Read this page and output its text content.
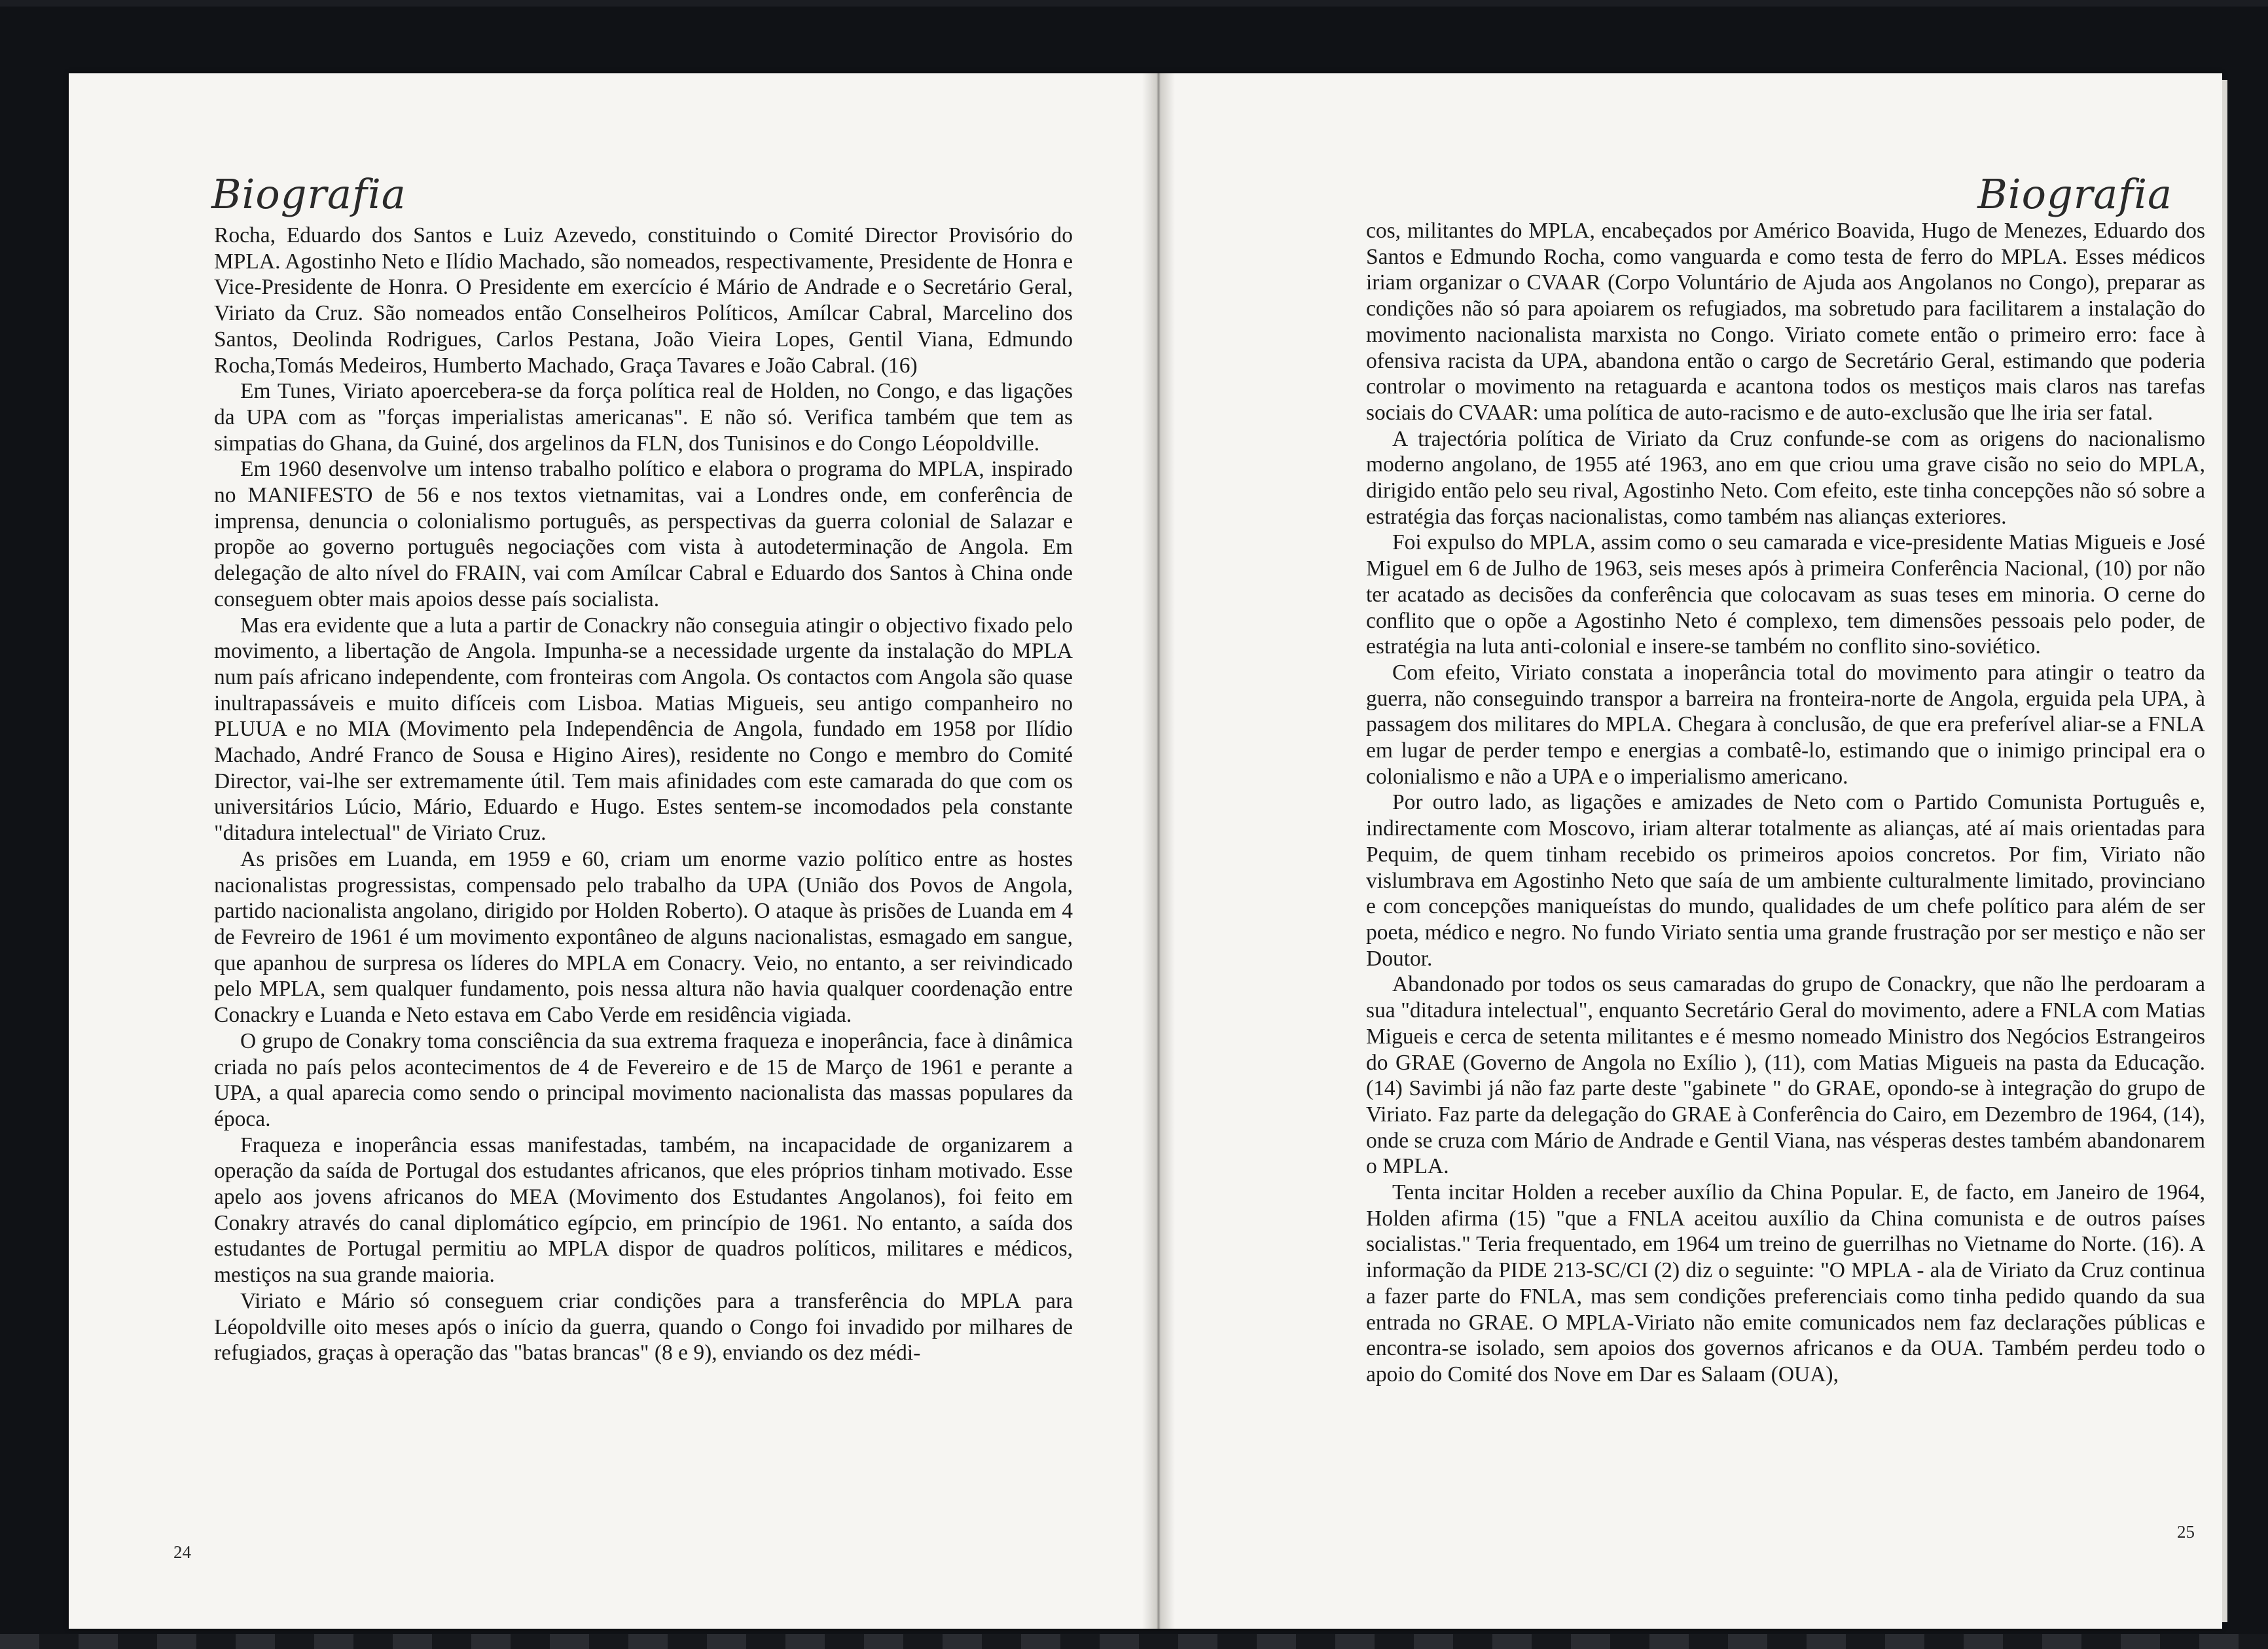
Biografia

Rocha, Eduardo dos Santos e Luiz Azevedo, constituindo o Comité Director Provisório do MPLA. Agostinho Neto e Ilídio Machado, são nomeados, respectivamente, Presidente de Honra e Vice-Presidente de Honra. O Presidente em exercício é Mário de Andrade e o Secretário Geral, Viriato da Cruz. São nomeados então Conselheiros Políticos, Amílcar Cabral, Marcelino dos Santos, Deolinda Rodrigues, Carlos Pestana, João Vieira Lopes, Gentil Viana, Edmundo Rocha,Tomás Medeiros, Humberto Machado, Graça Tavares e João Cabral. (16)

Em Tunes, Viriato apoercebera-se da força política real de Holden, no Congo, e das ligações da UPA com as "forças imperialistas americanas". E não só. Verifica também que tem as simpatias do Ghana, da Guiné, dos argelinos da FLN, dos Tunisinos e do Congo Léopoldville.

Em 1960 desenvolve um intenso trabalho político e elabora o programa do MPLA, inspirado no MANIFESTO de 56 e nos textos vietnamitas, vai a Londres onde, em conferência de imprensa, denuncia o colonialismo português, as perspectivas da guerra colonial de Salazar e propõe ao governo português negociações com vista à autodeterminação de Angola. Em delegação de alto nível do FRAIN, vai com Amílcar Cabral e Eduardo dos Santos à China onde conseguem obter mais apoios desse país socialista.

Mas era evidente que a luta a partir de Conackry não conseguia atingir o objectivo fixado pelo movimento, a libertação de Angola. Impunha-se a necessidade urgente da instalação do MPLA num país africano independente, com fronteiras com Angola. Os contactos com Angola são quase inultrapassáveis e muito difíceis com Lisboa. Matias Migueis, seu antigo companheiro no PLUUA e no MIA (Movimento pela Independência de Angola, fundado em 1958 por Ilídio Machado, André Franco de Sousa e Higino Aires), residente no Congo e membro do Comité Director, vai-lhe ser extremamente útil. Tem mais afinidades com este camarada do que com os universitários Lúcio, Mário, Eduardo e Hugo. Estes sentem-se incomodados pela constante "ditadura intelectual" de Viriato Cruz.

As prisões em Luanda, em 1959 e 60, criam um enorme vazio político entre as hostes nacionalistas progressistas, compensado pelo trabalho da UPA (União dos Povos de Angola, partido nacionalista angolano, dirigido por Holden Roberto). O ataque às prisões de Luanda em 4 de Fevreiro de 1961 é um movimento expontâneo de alguns nacionalistas, esmagado em sangue, que apanhou de surpresa os líderes do MPLA em Conacry. Veio, no entanto, a ser reivindicado pelo MPLA, sem qualquer fundamento, pois nessa altura não havia qualquer coordenação entre Conackry e Luanda e Neto estava em Cabo Verde em residência vigiada.

O grupo de Conakry toma consciência da sua extrema fraqueza e inoperância, face à dinâmica criada no país pelos acontecimentos de 4 de Fevereiro e de 15 de Março de 1961 e perante a UPA, a qual aparecia como sendo o principal movimento nacionalista das massas populares da época.

Fraqueza e inoperância essas manifestadas, também, na incapacidade de organizarem a operação da saída de Portugal dos estudantes africanos, que eles próprios tinham motivado. Esse apelo aos jovens africanos do MEA (Movimento dos Estudantes Angolanos), foi feito em Conakry através do canal diplomático egípcio, em princípio de 1961. No entanto, a saída dos estudantes de Portugal permitiu ao MPLA dispor de quadros políticos, militares e médicos, mestiços na sua grande maioria.

Viriato e Mário só conseguem criar condições para a transferência do MPLA para Léopoldville oito meses após o início da guerra, quando o Congo foi invadido por milhares de refugiados, graças à operação das "batas brancas" (8 e 9), enviando os dez médi-

24
Biografia

cos, militantes do MPLA, encabeçados por Américo Boavida, Hugo de Menezes, Eduardo dos Santos e Edmundo Rocha, como vanguarda e como testa de ferro do MPLA. Esses médicos iriam organizar o CVAAR (Corpo Voluntário de Ajuda aos Angolanos no Congo), preparar as condições não só para apoiarem os refugiados, ma sobretudo para facilitarem a instalação do movimento nacionalista marxista no Congo. Viriato comete então o primeiro erro: face à ofensiva racista da UPA, abandona então o cargo de Secretário Geral, estimando que poderia controlar o movimento na retaguarda e acantona todos os mestiços mais claros nas tarefas sociais do CVAAR: uma política de auto-racismo e de auto-exclusão que lhe iria ser fatal.

A trajectória política de Viriato da Cruz confunde-se com as origens do nacionalismo moderno angolano, de 1955 até 1963, ano em que criou uma grave cisão no seio do MPLA, dirigido então pelo seu rival, Agostinho Neto. Com efeito, este tinha concepções não só sobre a estratégia das forças nacionalistas, como também nas alianças exteriores.

Foi expulso do MPLA, assim como o seu camarada e vice-presidente Matias Migueis e José Miguel em 6 de Julho de 1963, seis meses após à primeira Conferência Nacional, (10) por não ter acatado as decisões da conferência que colocavam as suas teses em minoria. O cerne do conflito que o opõe a Agostinho Neto é complexo, tem dimensões pessoais pelo poder, de estratégia na luta anti-colonial e insere-se também no conflito sino-soviético.

Com efeito, Viriato constata a inoperância total do movimento para atingir o teatro da guerra, não conseguindo transpor a barreira na fronteira-norte de Angola, erguida pela UPA, à passagem dos militares do MPLA. Chegara à conclusão, de que era preferível aliar-se a FNLA em lugar de perder tempo e energias a combatê-lo, estimando que o inimigo principal era o colonialismo e não a UPA e o imperialismo americano.

Por outro lado, as ligações e amizades de Neto com o Partido Comunista Português e, indirectamente com Moscovo, iriam alterar totalmente as alianças, até aí mais orientadas para Pequim, de quem tinham recebido os primeiros apoios concretos. Por fim, Viriato não vislumbrava em Agostinho Neto que saía de um ambiente culturalmente limitado, provinciano e com concepções maniqueístas do mundo, qualidades de um chefe político para além de ser poeta, médico e negro. No fundo Viriato sentia uma grande frustração por ser mestiço e não ser Doutor.

Abandonado por todos os seus camaradas do grupo de Conackry, que não lhe perdoaram a sua "ditadura intelectual", enquanto Secretário Geral do movimento, adere a FNLA com Matias Migueis e cerca de setenta militantes e é mesmo nomeado Ministro dos Negócios Estrangeiros do GRAE (Governo de Angola no Exílio ), (11), com Matias Migueis na pasta da Educação.(14) Savimbi já não faz parte deste "gabinete " do GRAE, opondo-se à integração do grupo de Viriato. Faz parte da delegação do GRAE à Conferência do Cairo, em Dezembro de 1964, (14), onde se cruza com Mário de Andrade e Gentil Viana, nas vésperas destes também abandonarem o MPLA.

Tenta incitar Holden a receber auxílio da China Popular. E, de facto, em Janeiro de 1964, Holden afirma (15) "que a FNLA aceitou auxílio da China comunista e de outros países socialistas." Teria frequentado, em 1964 um treino de guerrilhas no Vietname do Norte. (16). A informação da PIDE 213-SC/CI (2) diz o seguinte: "O MPLA - ala de Viriato da Cruz continua a fazer parte do FNLA, mas sem condições preferenciais como tinha pedido quando da sua entrada no GRAE. O MPLA-Viriato não emite comunicados nem faz declarações públicas e encontra-se isolado, sem apoios dos governos africanos e da OUA. Também perdeu todo o apoio do Comité dos Nove em Dar es Salaam (OUA),

25
